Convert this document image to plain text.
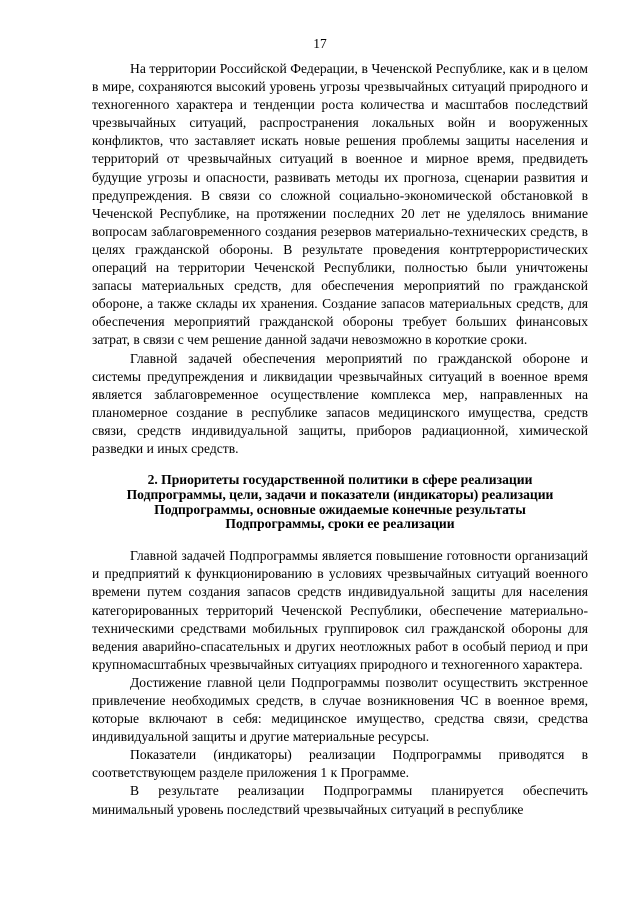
17

На территории Российской Федерации, в Чеченской Республике, как и в целом в мире, сохраняются высокий уровень угрозы чрезвычайных ситуаций природного и техногенного характера и тенденции роста количества и масштабов последствий чрезвычайных ситуаций, распространения локальных войн и вооруженных конфликтов, что заставляет искать новые решения проблемы защиты населения и территорий от чрезвычайных ситуаций в военное и мирное время, предвидеть будущие угрозы и опасности, развивать методы их прогноза, сценарии развития и предупреждения. В связи со сложной социально-экономической обстановкой в Чеченской Республике, на протяжении последних 20 лет не уделялось внимание вопросам заблаговременного создания резервов материально-технических средств, в целях гражданской обороны. В результате проведения контртеррористических операций на территории Чеченской Республики, полностью были уничтожены запасы материальных средств, для обеспечения мероприятий по гражданской обороне, а также склады их хранения. Создание запасов материальных средств, для обеспечения мероприятий гражданской обороны требует больших финансовых затрат, в связи с чем решение данной задачи невозможно в короткие сроки.

Главной задачей обеспечения мероприятий по гражданской обороне и системы предупреждения и ликвидации чрезвычайных ситуаций в военное время является заблаговременное осуществление комплекса мер, направленных на планомерное создание в республике запасов медицинского имущества, средств связи, средств индивидуальной защиты, приборов радиационной, химической разведки и иных средств.

2. Приоритеты государственной политики в сфере реализации
Подпрограммы, цели, задачи и показатели (индикаторы) реализации
Подпрограммы, основные ожидаемые конечные результаты
Подпрограммы, сроки ее реализации

Главной задачей Подпрограммы является повышение готовности организаций и предприятий к функционированию в условиях чрезвычайных ситуаций военного времени путем создания запасов средств индивидуальной защиты для населения категорированных территорий Чеченской Республики, обеспечение материально-техническими средствами мобильных группировок сил гражданской обороны для ведения аварийно-спасательных и других неотложных работ в особый период и при крупномасштабных чрезвычайных ситуациях природного и техногенного характера.

Достижение главной цели Подпрограммы позволит осуществить экстренное привлечение необходимых средств, в случае возникновения ЧС в военное время, которые включают в себя: медицинское имущество, средства связи, средства индивидуальной защиты и другие материальные ресурсы.

Показатели (индикаторы) реализации Подпрограммы приводятся в соответствующем разделе приложения 1 к Программе.

В результате реализации Подпрограммы планируется обеспечить минимальный уровень последствий чрезвычайных ситуаций в республике
